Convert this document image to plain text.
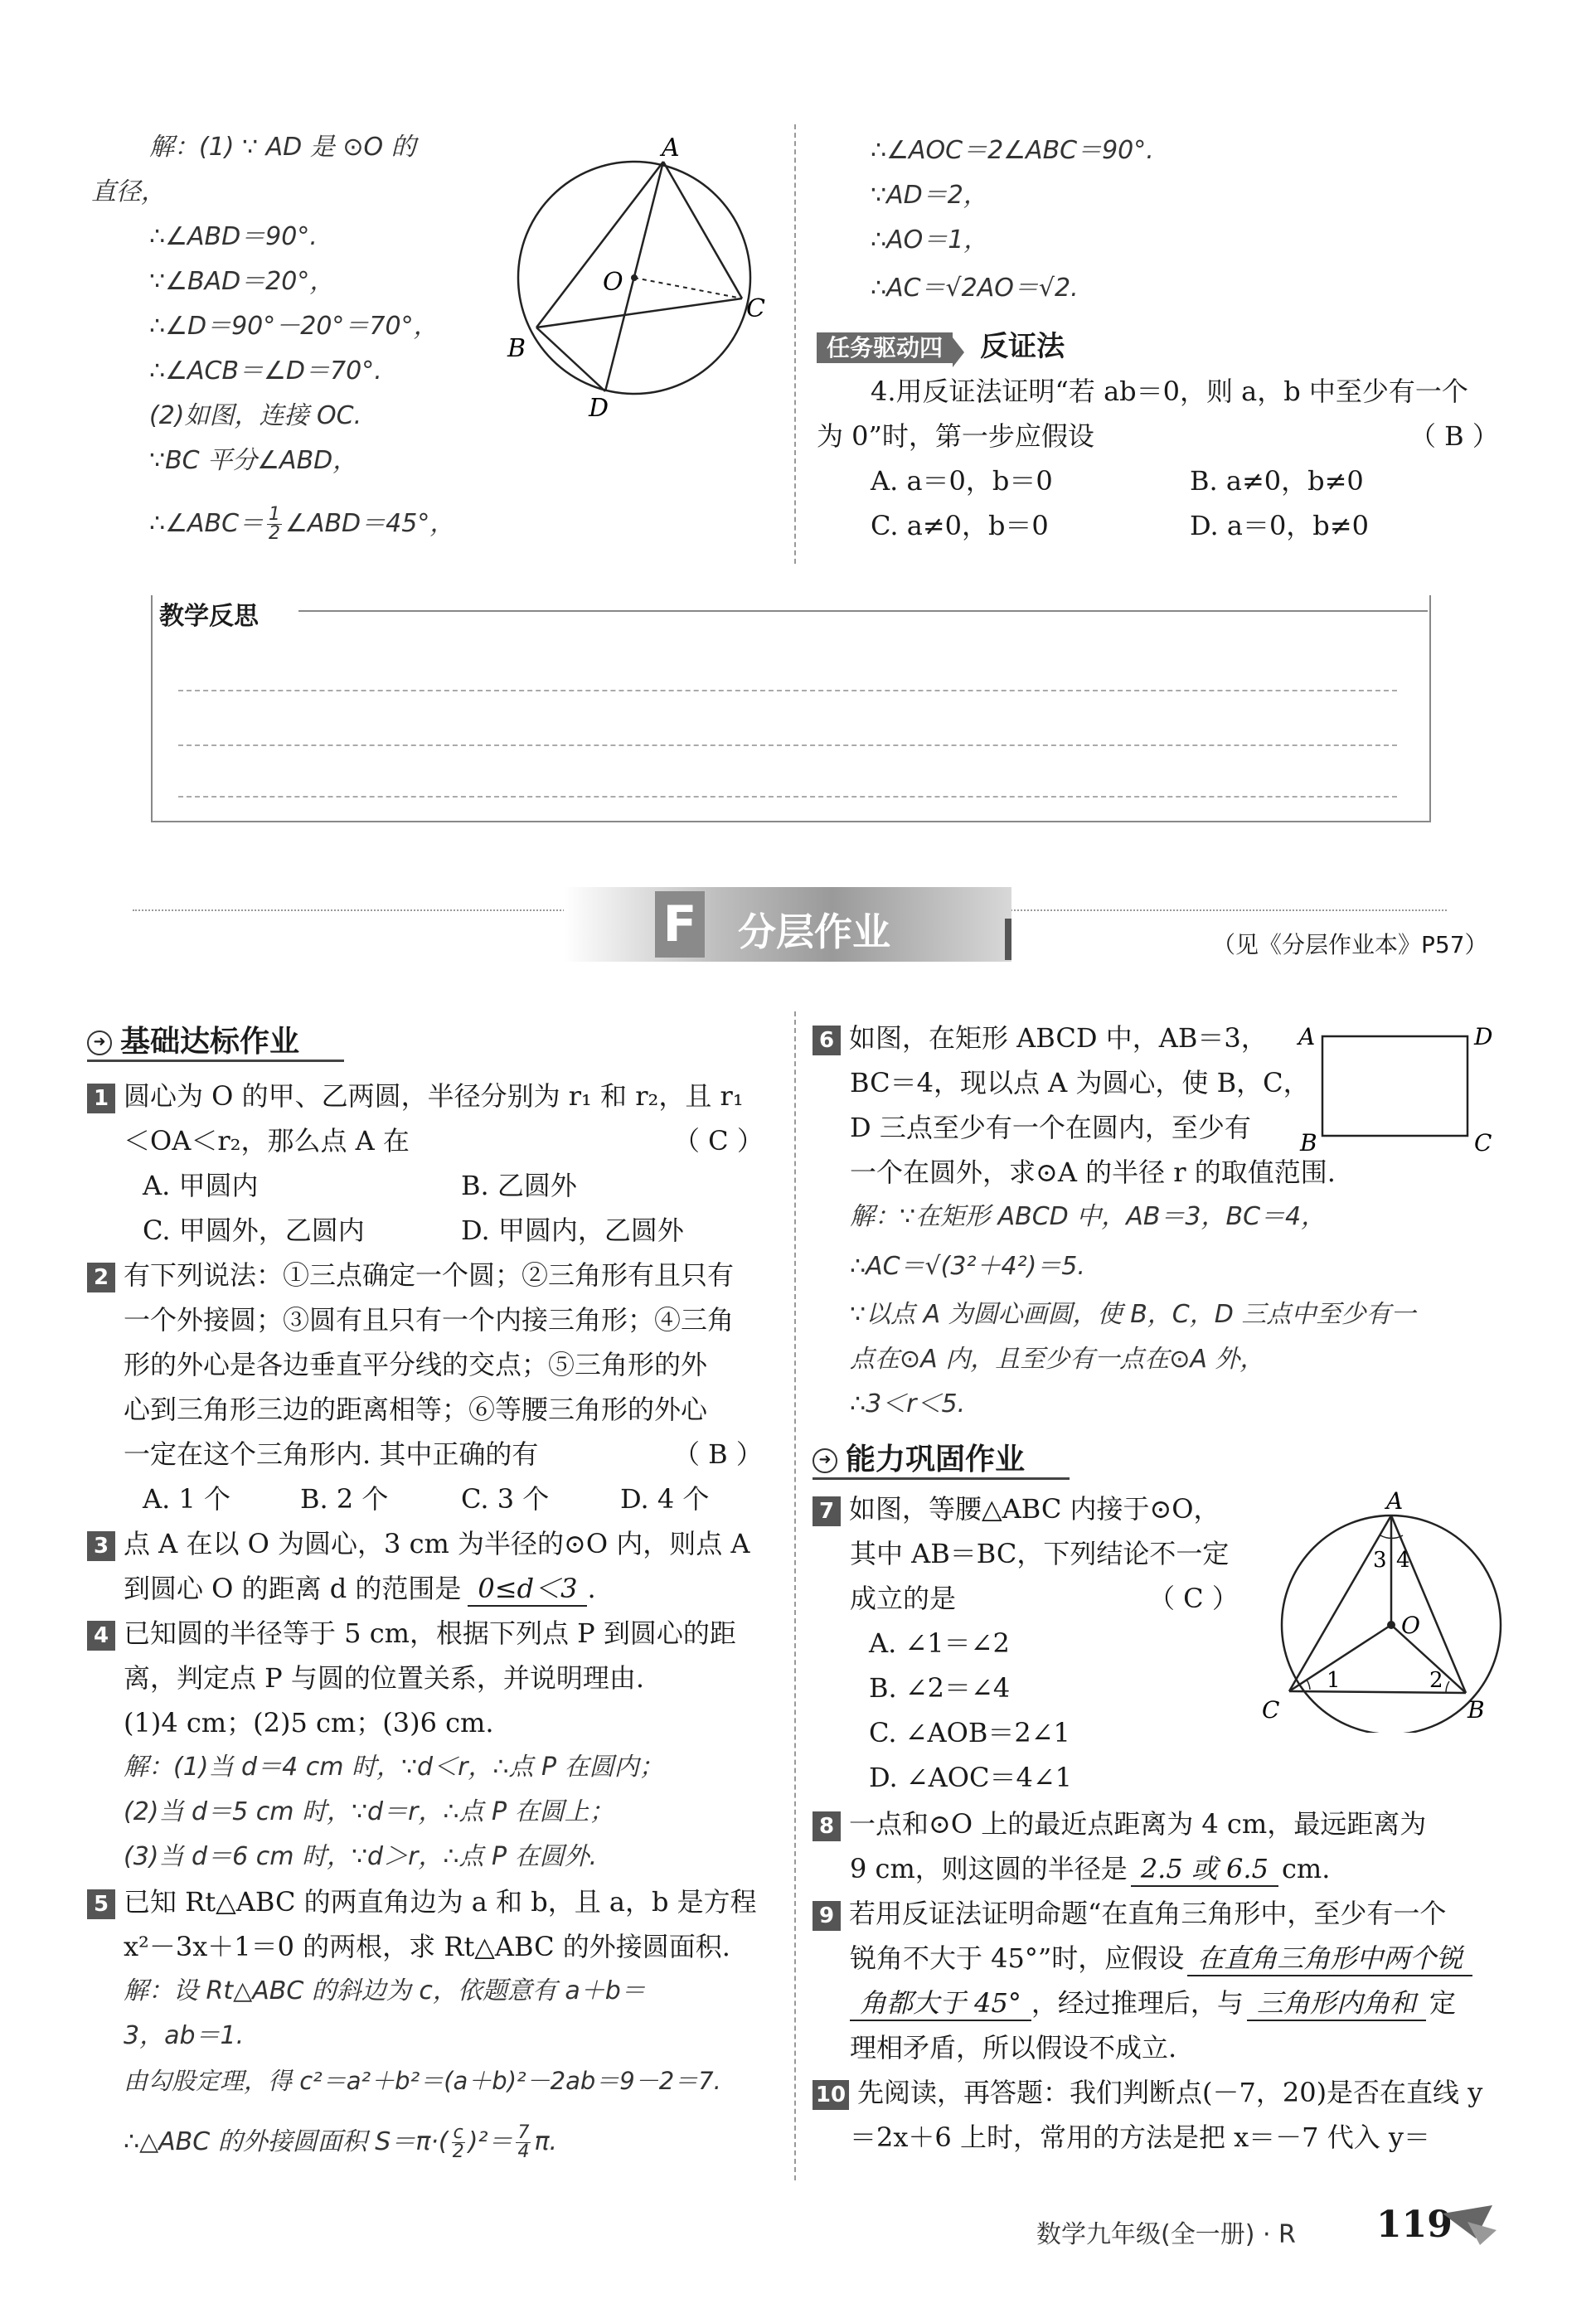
解：(1) ∵ AD 是 ⊙O 的
直径，
∴∠ABD＝90°.
∵∠BAD＝20°，
∴∠D＝90°－20°＝70°，
∴∠ACB＝∠D＝70°.
(2)如图，连接 OC.
∵BC 平分∠ABD，
∴∠ABC＝ $\frac{1}{2}$ ∠ABD＝45°，
A
B
C
D
O
∴∠AOC＝2∠ABC＝90°.
∵AD＝2，
∴AO＝1，
∴AC＝√2AO＝√2.
任务驱动四 反证法
4.用反证法证明“若 ab＝0，则 a，b 中至少有一个
为 0”时，第一步应假设	（ B ）
A. a＝0，b＝0	B. a≠0，b≠0
C. a≠0，b＝0	D. a＝0，b≠0
教学反思
F 分层作业	（见《分层作业本》P57）
➜ 基础达标作业
1 圆心为 O 的甲、乙两圆，半径分别为 r₁ 和 r₂，且 r₁
＜OA＜r₂，那么点 A 在	（ C ）
A. 甲圆内	B. 乙圆外
C. 甲圆外，乙圆内	D. 甲圆内，乙圆外
2 有下列说法：①三点确定一个圆；②三角形有且只有
一个外接圆；③圆有且只有一个内接三角形；④三角
形的外心是各边垂直平分线的交点；⑤三角形的外
心到三角形三边的距离相等；⑥等腰三角形的外心
一定在这个三角形内. 其中正确的有	（ B ）
A. 1 个	B. 2 个	C. 3 个	D. 4 个
3 点 A 在以 O 为圆心，3 cm 为半径的⊙O 内，则点 A
到圆心 O 的距离 d 的范围是 0≤d＜3 .
4 已知圆的半径等于 5 cm，根据下列点 P 到圆心的距
离，判定点 P 与圆的位置关系，并说明理由.
(1)4 cm；(2)5 cm；(3)6 cm.
解：(1)当 d＝4 cm 时，∵d＜r，∴点 P 在圆内；
(2)当 d＝5 cm 时，∵d＝r，∴点 P 在圆上；
(3)当 d＝6 cm 时，∵d＞r，∴点 P 在圆外.
5 已知 Rt△ABC 的两直角边为 a 和 b，且 a，b 是方程
x²－3x＋1＝0 的两根，求 Rt△ABC 的外接圆面积.
解：设 Rt△ABC 的斜边为 c，依题意有 a＋b＝
3，ab＝1.
由勾股定理，得 c²＝a²＋b²＝(a＋b)²－2ab＝9－2＝7.
∴△ABC 的外接圆面积 $S=\pi\cdot( \frac{c}{2} )^2= \frac{7}{4} \pi$.
6 如图，在矩形 ABCD 中，AB＝3，
BC＝4，现以点 A 为圆心，使 B，C，
D 三点至少有一个在圆内，至少有
一个在圆外，求⊙A 的半径 r 的取值范围.
A	D
B	C
解：∵在矩形 ABCD 中，AB＝3，BC＝4，
∴AC＝√(3²＋4²)＝5.
∵以点 A 为圆心画圆，使 B，C，D 三点中至少有一
点在⊙A 内，且至少有一点在⊙A 外，
∴3＜r＜5.
➜ 能力巩固作业
7 如图，等腰△ABC 内接于⊙O，
其中 AB＝BC，下列结论不一定
成立的是	（ C ）
A. ∠1＝∠2
B. ∠2＝∠4
C. ∠AOB＝2∠1
D. ∠AOC＝4∠1
A
C	B
O
1	2
3 4
8 一点和⊙O 上的最近点距离为 4 cm，最远距离为
9 cm，则这圆的半径是 2.5 或 6.5 cm.
9 若用反证法证明命题“在直角三角形中，至少有一个
锐角不大于 45°”时，应假设 在直角三角形中两个锐
角都大于 45° ，经过推理后，与 三角形内角和 定
理相矛盾，所以假设不成立.
10 先阅读，再答题：我们判断点(－7，20)是否在直线 y
＝2x＋6 上时，常用的方法是把 x＝－7 代入 y＝
数学九年级(全一册) · R 119
